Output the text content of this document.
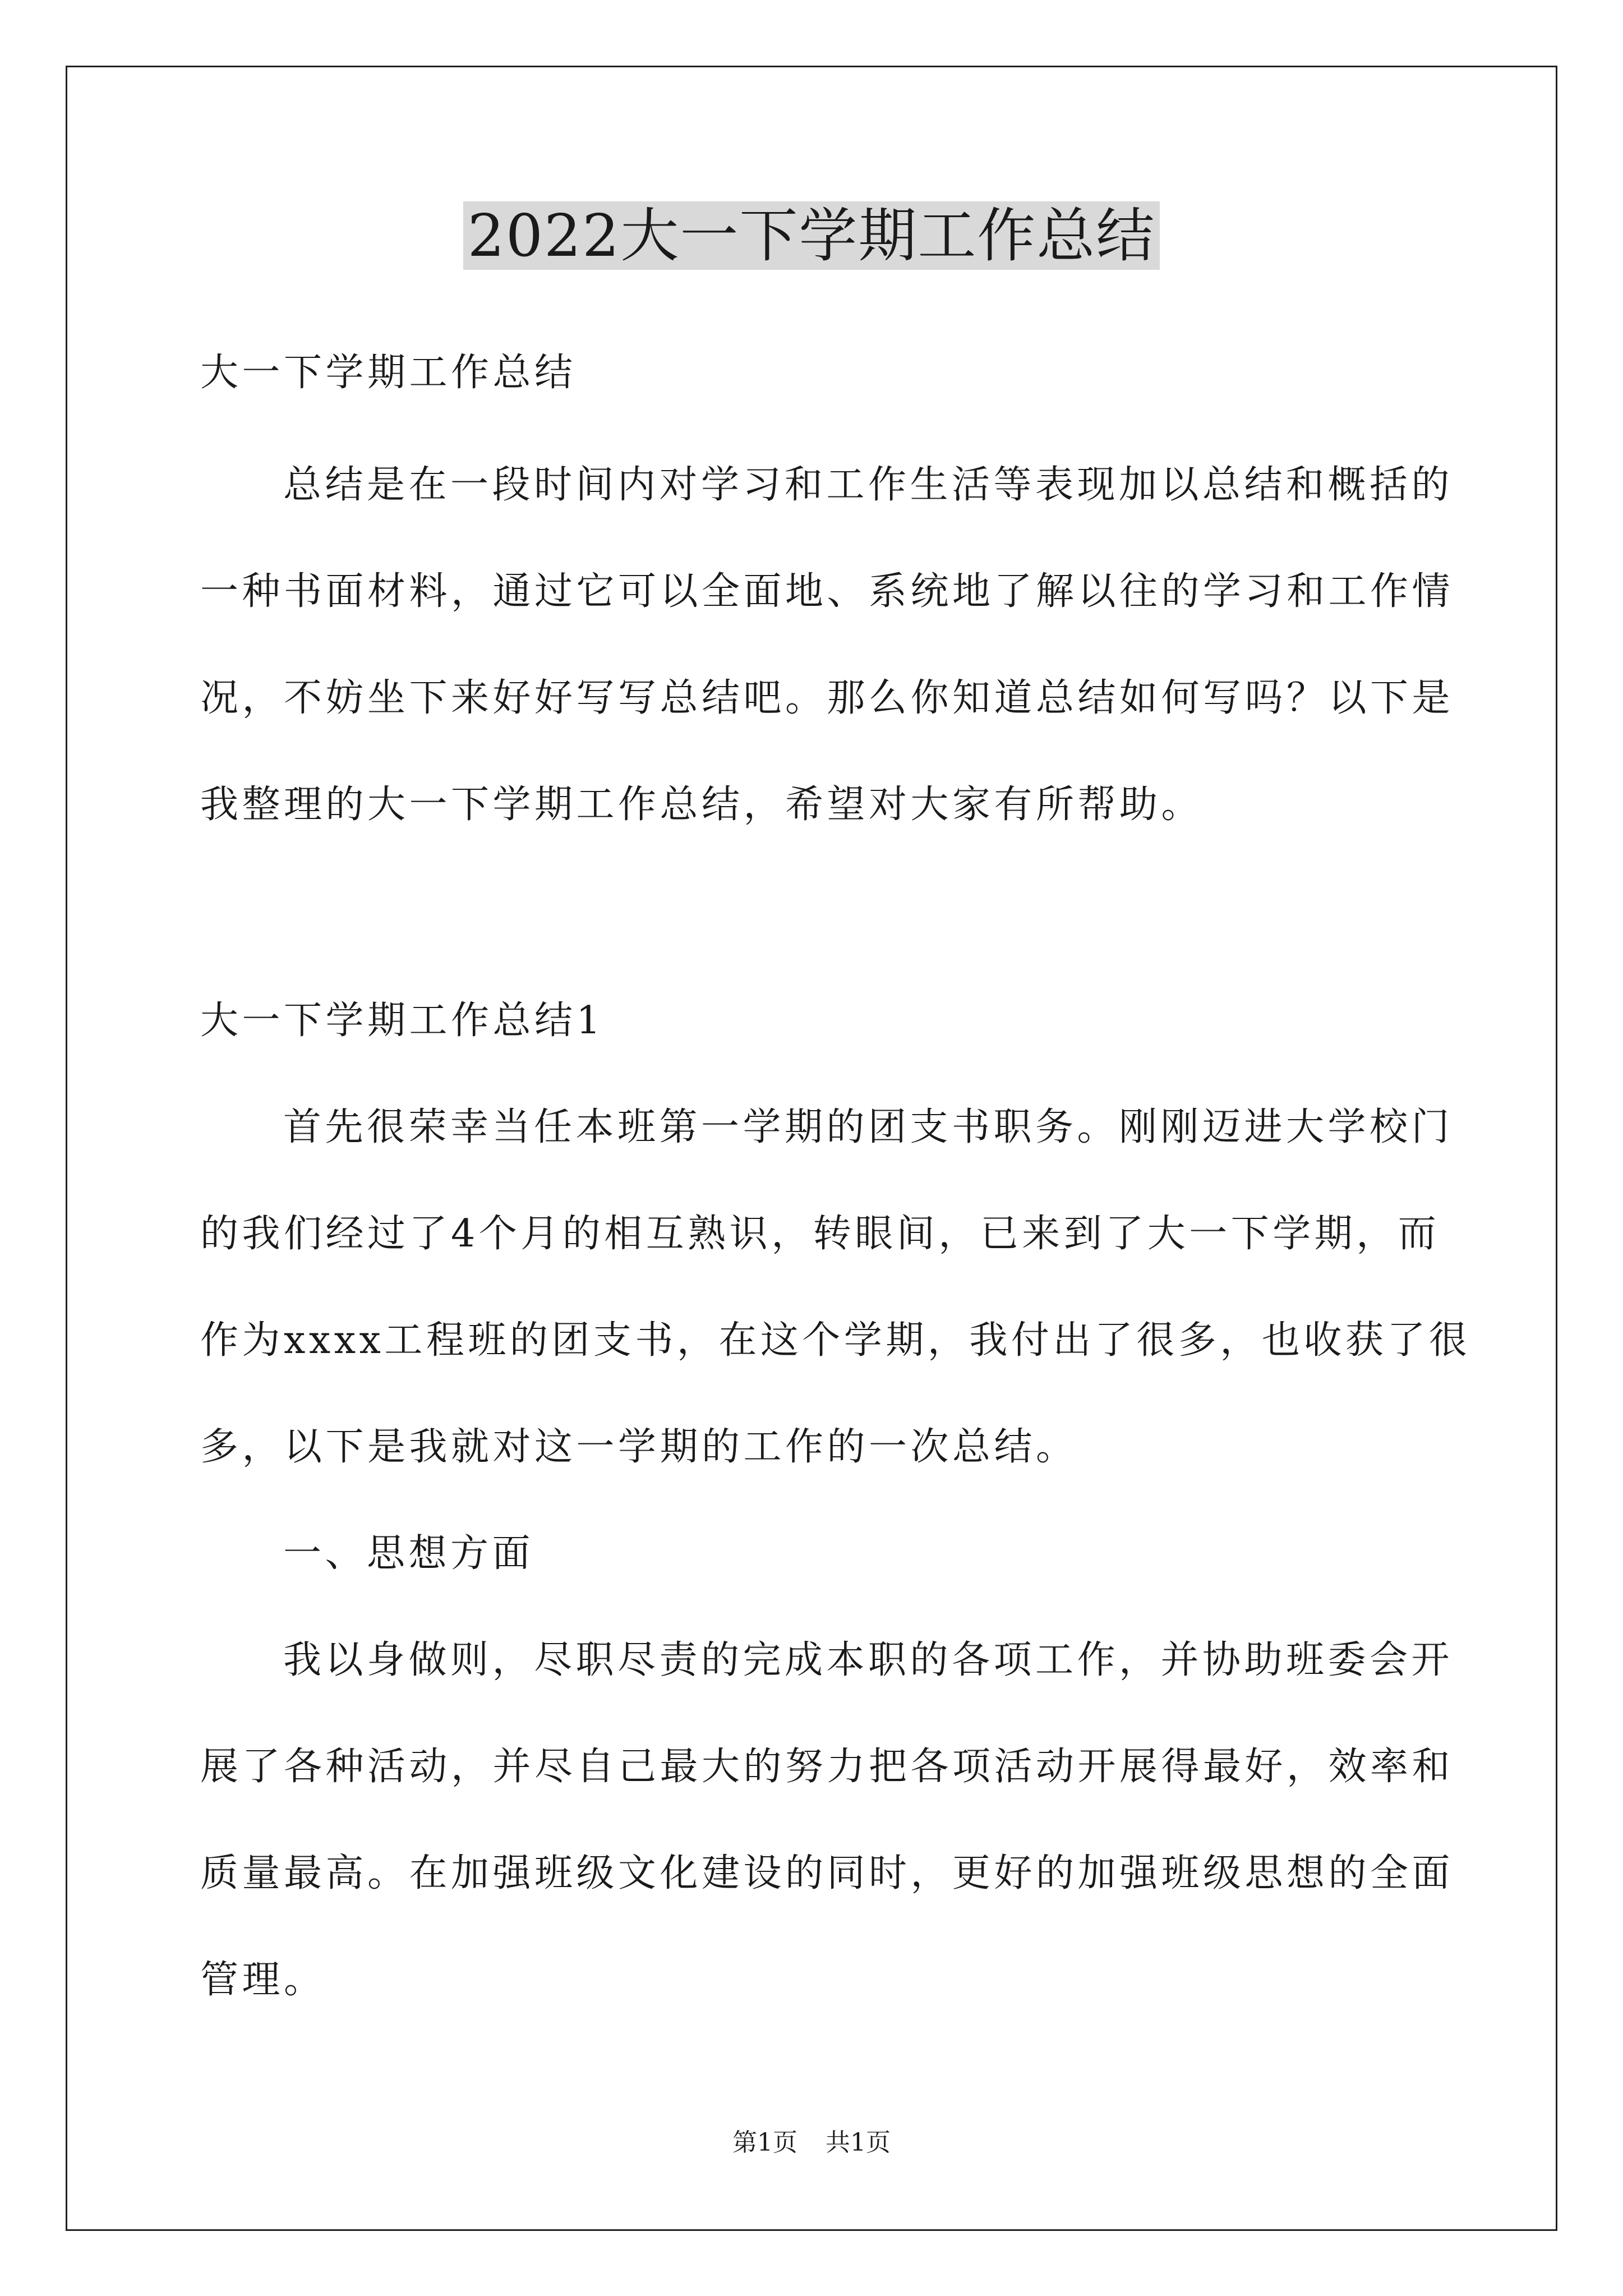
2022大一下学期工作总结
大一下学期工作总结
总结是在一段时间内对学习和工作生活等表现加以总结和概括的
一种书面材料，通过它可以全面地、系统地了解以往的学习和工作情
况，不妨坐下来好好写写总结吧。那么你知道总结如何写吗？以下是
我整理的大一下学期工作总结，希望对大家有所帮助。
大一下学期工作总结1
首先很荣幸当任本班第一学期的团支书职务。刚刚迈进大学校门
的我们经过了4个月的相互熟识，转眼间，已来到了大一下学期，而
作为xxxx工程班的团支书，在这个学期，我付出了很多，也收获了很
多，以下是我就对这一学期的工作的一次总结。
一、思想方面
我以身做则，尽职尽责的完成本职的各项工作，并协助班委会开
展了各种活动，并尽自己最大的努力把各项活动开展得最好，效率和
质量最高。在加强班级文化建设的同时，更好的加强班级思想的全面
管理。
第1页 共1页
